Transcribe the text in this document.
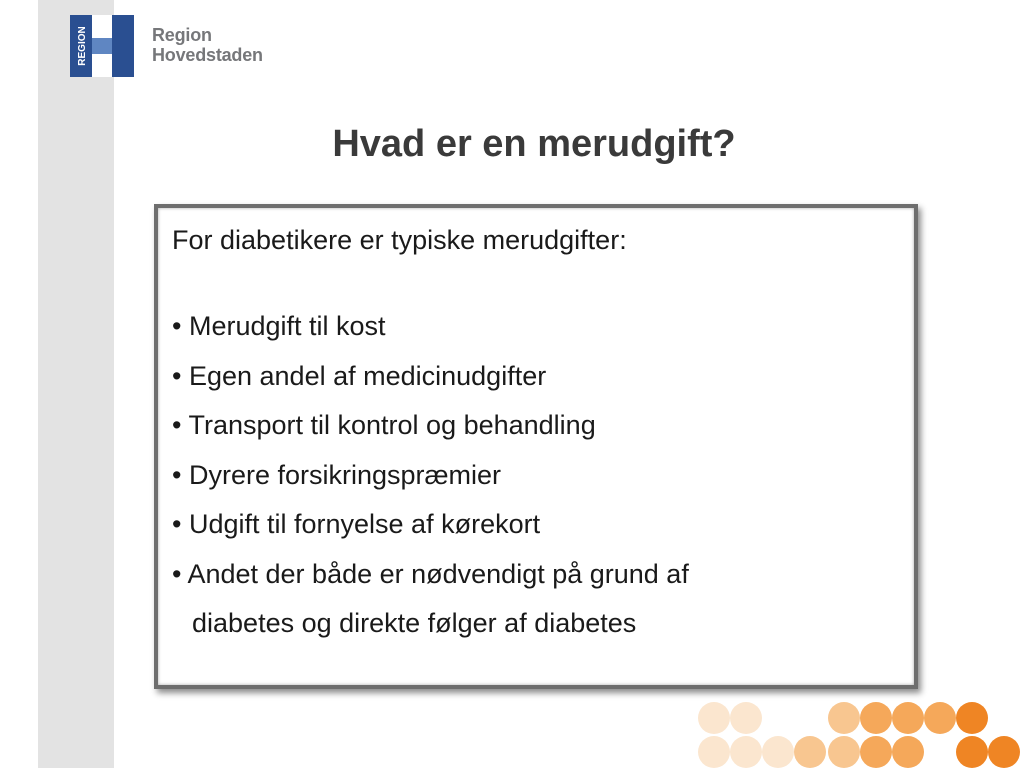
REGION	Region
Hovedstaden
Hvad er en merudgift?
For diabetikere er typiske merudgifter:
• Merudgift til kost
• Egen andel af medicinudgifter
• Transport til kontrol og behandling
• Dyrere forsikringspræmier
• Udgift til fornyelse af kørekort
• Andet der både er nødvendigt på grund af
diabetes og direkte følger af diabetes
